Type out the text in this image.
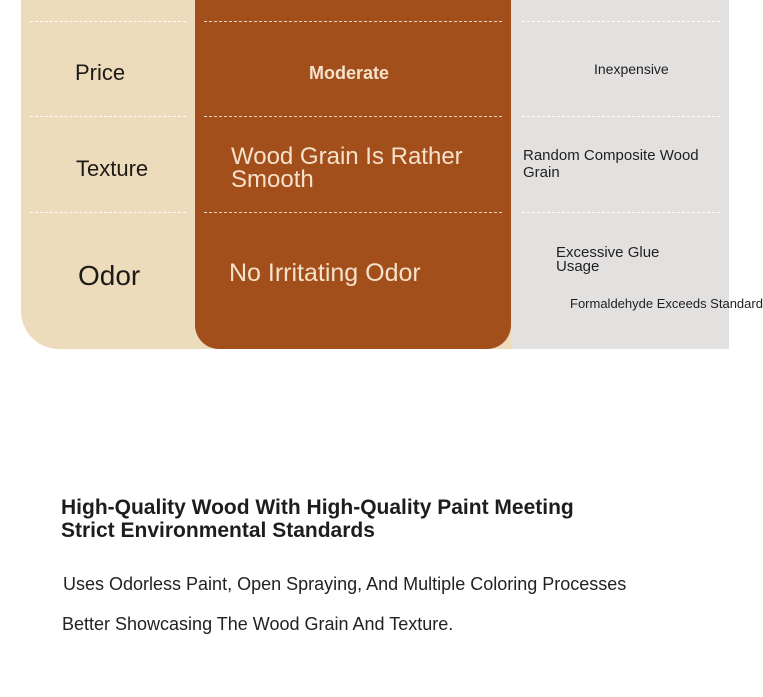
Price
Texture
Odor
Moderate
Wood Grain Is Rather Smooth
No Irritating Odor
Inexpensive
Random Composite Wood Grain
Excessive Glue Usage
Formaldehyde Exceeds Standard
High-Quality Wood With High-Quality Paint Meeting Strict Environmental Standards
Uses Odorless Paint, Open Spraying, And Multiple Coloring Processes
Better Showcasing The Wood Grain And Texture.
